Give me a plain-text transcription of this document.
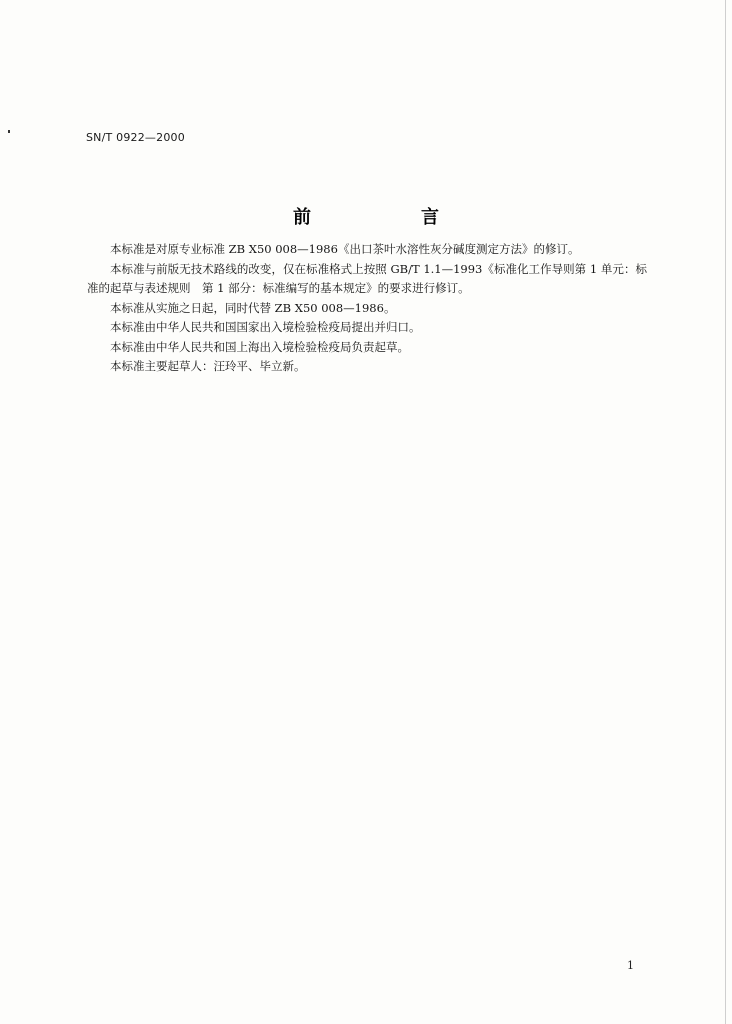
SN/T 0922—2000
前　言

本标准是对原专业标准 ZB X50 008—1986《出口茶叶水溶性灰分碱度测定方法》的修订。

本标准与前版无技术路线的改变，仅在标准格式上按照 GB/T 1.1—1993《标准化工作导则第 1 单元：标准的起草与表述规则　第 1 部分：标准编写的基本规定》的要求进行修订。

本标准从实施之日起，同时代替 ZB X50 008—1986。

本标准由中华人民共和国国家出入境检验检疫局提出并归口。

本标准由中华人民共和国上海出入境检验检疫局负责起草。

本标准主要起草人：汪玲平、毕立新。

1
